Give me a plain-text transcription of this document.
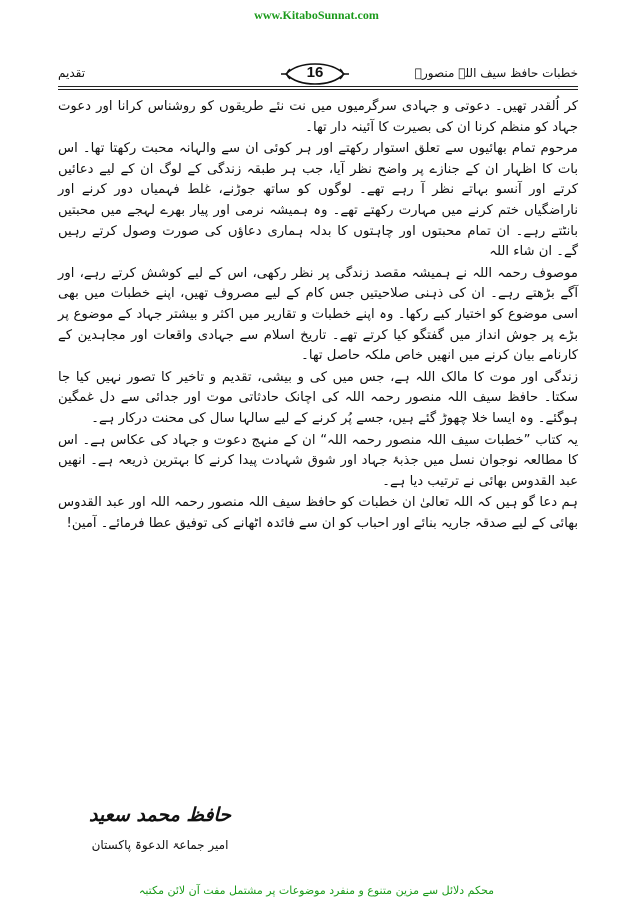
www.KitaboSunnat.com
خطبات حافظ سیف اللہ منصورؒ
16
تقدیم

کر اُلقدر تھیں۔ دعوتی و جہادی سرگرمیوں میں نت نئے طریقوں کو روشناس کرانا اور دعوت جہاد کو منظم کرنا ان کی بصیرت کا آئینہ دار تھا۔

مرحوم تمام بھائیوں سے تعلق استوار رکھتے اور ہر کوئی ان سے والہانہ محبت رکھتا تھا۔ اس بات کا اظہار ان کے جنازے پر واضح نظر آیا، جب ہر طبقہ زندگی کے لوگ ان کے لیے دعائیں کرتے اور آنسو بہاتے نظر آ رہے تھے۔ لوگوں کو ساتھ جوڑنے، غلط فہمیاں دور کرنے اور ناراضگیاں ختم کرنے میں مہارت رکھتے تھے۔ وہ ہمیشہ نرمی اور پیار بھرے لہجے میں محبتیں بانٹتے رہے۔ ان تمام محبتوں اور چاہتوں کا بدلہ ہماری دعاؤں کی صورت وصول کرتے رہیں گے۔ ان شاء اللہ

موصوف رحمہ اللہ نے ہمیشہ مقصد زندگی پر نظر رکھی، اس کے لیے کوشش کرتے رہے، اور آگے بڑھتے رہے۔ ان کی ذہنی صلاحیتیں جس کام کے لیے مصروف تھیں، اپنے خطبات میں بھی اسی موضوع کو اختیار کیے رکھا۔ وہ اپنے خطبات و تقاریر میں اکثر و بیشتر جہاد کے موضوع پر بڑے پر جوش انداز میں گفتگو کیا کرتے تھے۔ تاریخ اسلام سے جہادی واقعات اور مجاہدین کے کارنامے بیان کرنے میں انھیں خاص ملکہ حاصل تھا۔

زندگی اور موت کا مالک اللہ ہے، جس میں کی و بیشی، تقدیم و تاخیر کا تصور نہیں کیا جا سکتا۔ حافظ سیف اللہ منصور رحمہ اللہ کی اچانک حادثاتی موت اور جدائی سے دل غمگین ہوگئے۔ وہ ایسا خلا چھوڑ گئے ہیں، جسے پُر کرنے کے لیے سالہا سال کی محنت درکار ہے۔

یہ کتاب ”خطبات سیف اللہ منصور رحمہ اللہ“ ان کے منہج دعوت و جہاد کی عکاس ہے۔ اس کا مطالعہ نوجوان نسل میں جذبۂ جہاد اور شوق شہادت پیدا کرنے کا بہترین ذریعہ ہے۔ انھیں عبد القدوس بھائی نے ترتیب دیا ہے۔

ہم دعا گو ہیں کہ اللہ تعالیٰ ان خطبات کو حافظ سیف اللہ منصور رحمہ اللہ اور عبد القدوس بھائی کے لیے صدقہ جاریہ بنائے اور احباب کو ان سے فائدہ اٹھانے کی توفیق عطا فرمائے۔ آمین!

حافظ محمد سعید
امیر جماعۃ الدعوۃ پاکستان
محکم دلائل سے مزین متنوع و منفرد موضوعات پر مشتمل مفت آن لائن مکتبہ
